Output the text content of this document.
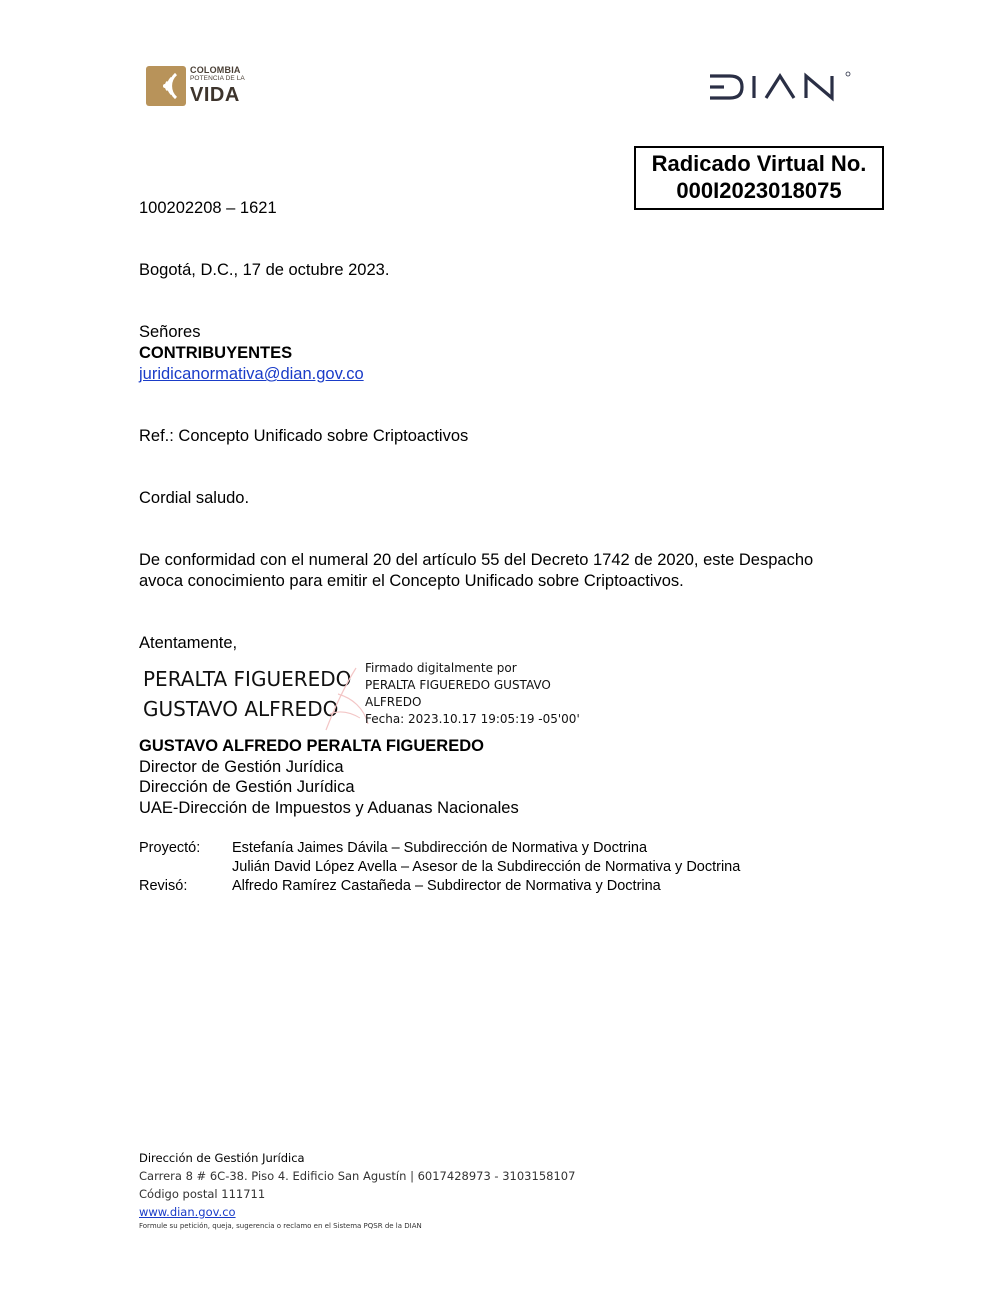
COLOMBIA
POTENCIA DE LA
VIDA
Radicado Virtual No.
000I2023018075
100202208 – 1621
Bogotá, D.C., 17 de octubre 2023.
Señores
CONTRIBUYENTES
juridicanormativa@dian.gov.co
Ref.: Concepto Unificado sobre Criptoactivos
Cordial saludo.
De conformidad con el numeral 20 del artículo 55 del Decreto 1742 de 2020, este Despacho
avoca conocimiento para emitir el Concepto Unificado sobre Criptoactivos.
Atentamente,
PERALTA FIGUEREDO
GUSTAVO ALFREDO
Firmado digitalmente por
PERALTA FIGUEREDO GUSTAVO
ALFREDO
Fecha: 2023.10.17 19:05:19 -05'00'
GUSTAVO ALFREDO PERALTA FIGUEREDO
Director de Gestión Jurídica
Dirección de Gestión Jurídica
UAE-Dirección de Impuestos y Aduanas Nacionales
Proyectó: Estefanía Jaimes Dávila – Subdirección de Normativa y Doctrina
Julián David López Avella – Asesor de la Subdirección de Normativa y Doctrina
Revisó:	Alfredo Ramírez Castañeda – Subdirector de Normativa y Doctrina
Dirección de Gestión Jurídica
Carrera 8 # 6C-38. Piso 4. Edificio San Agustín | 6017428973 - 3103158107
Código postal 111711
www.dian.gov.co
Formule su petición, queja, sugerencia o reclamo en el Sistema PQSR de la DIAN
